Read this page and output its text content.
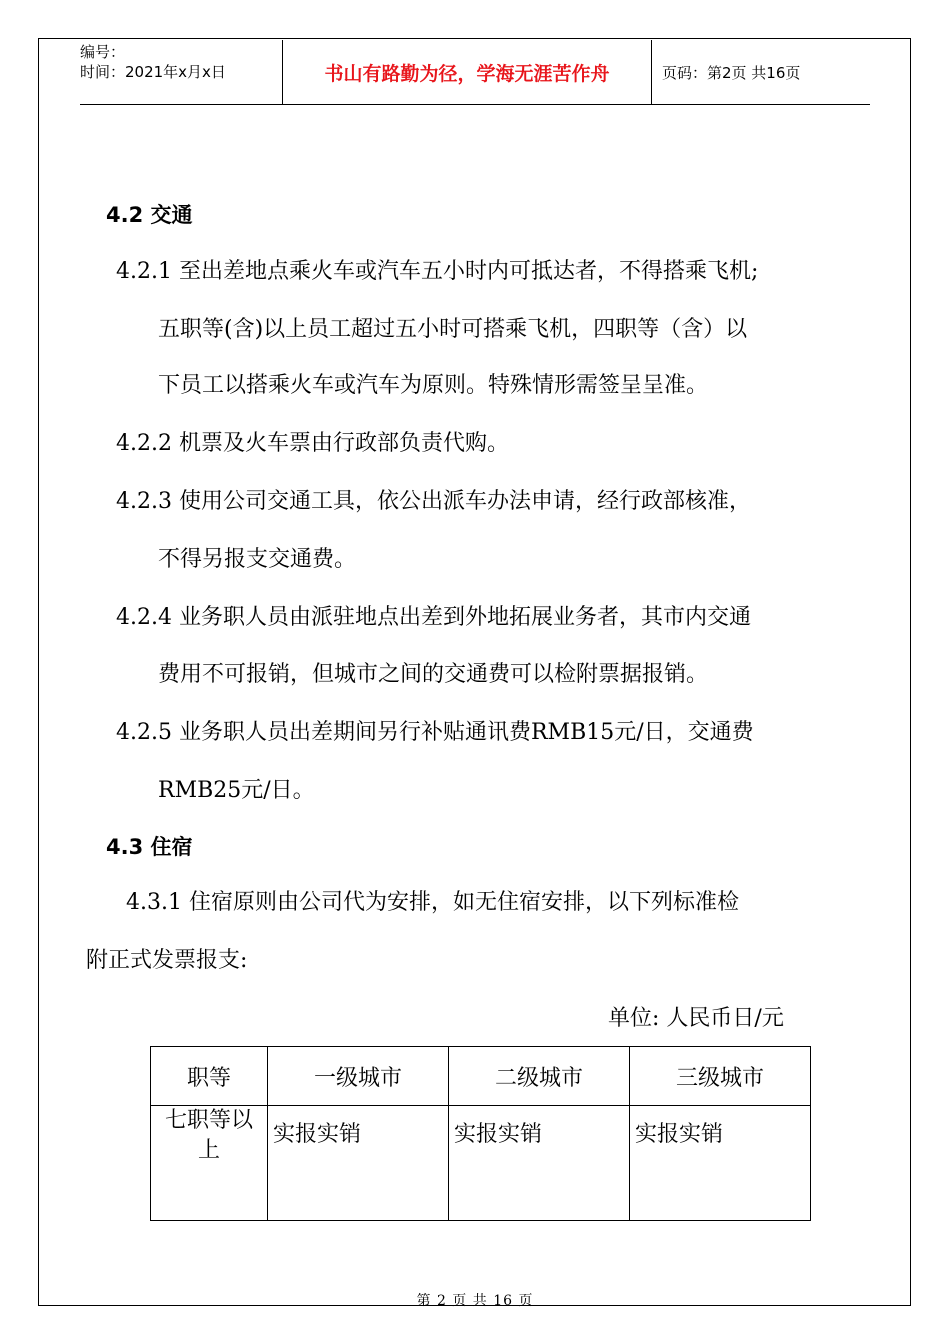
编号：
时间：2021年x月x日	书山有路勤为径，学海无涯苦作舟	页码：第2页 共16页
4.2 交通
4.2.1 至出差地点乘火车或汽车五小时内可抵达者，不得搭乘飞机;
五职等(含)以上员工超过五小时可搭乘飞机，四职等（含）以
下员工以搭乘火车或汽车为原则。特殊情形需签呈呈准。
4.2.2 机票及火车票由行政部负责代购。
4.2.3 使用公司交通工具，依公出派车办法申请，经行政部核准，
不得另报支交通费。
4.2.4 业务职人员由派驻地点出差到外地拓展业务者，其市内交通
费用不可报销，但城市之间的交通费可以检附票据报销。
4.2.5 业务职人员出差期间另行补贴通讯费RMB15元/日，交通费
RMB25元/日。
4.3 住宿
4.3.1 住宿原则由公司代为安排，如无住宿安排，以下列标准检
附正式发票报支:
单位: 人民币日/元
职等	一级城市	二级城市	三级城市

七职等以
上	实报实销	实报实销	实报实销
第 2 页 共 16 页
